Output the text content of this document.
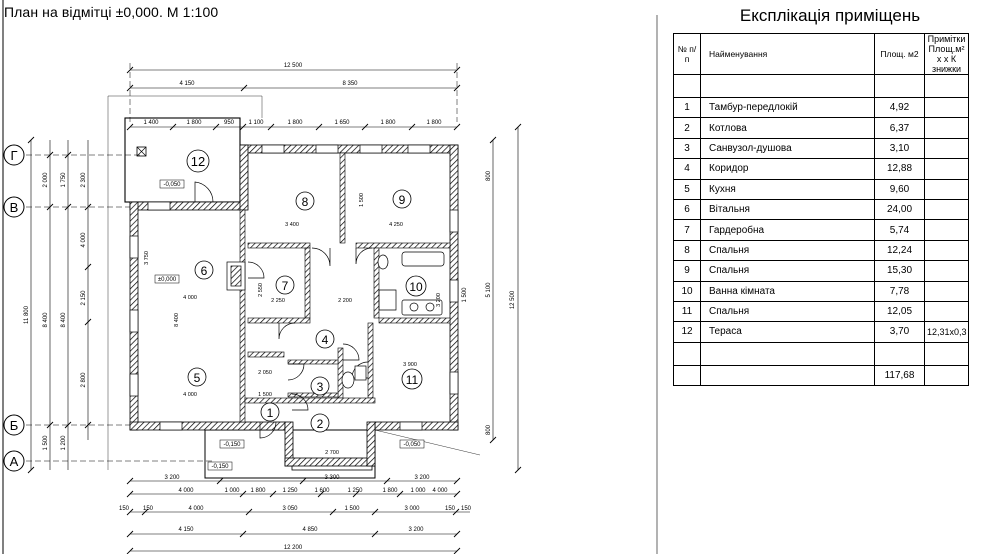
План на відмітці ±0,000. М 1:100	Експлікація приміщень
Г
В
Б
А
1
2
3
4
5
6
7
8	9
10
11
12
±0,000
-0,050
-0,050
-0,150
-0,150
12 500
4 150	8 350
1 400	1 800	950 1 100	1 800	1 650	1 800	1 800
3 200	3 300	3 200
4 000	1 000 1 800	1 250	1 600	1 250	1 800 1 000 4 000
150 150	4 000	3 050	1 500	3 000	150 150
4 150	4 850	3 200
12 200
12 500
800
5 100
1 500
800
11 800
2 000
8 400
1 500
1 750
8 400
1 200
2 300
4 000
2 150
2 800
3 400	4 250
3 750
4 000
4 000
2 250	2 200
2 050
1 500
3 900
2 700
8 400
2 550
3 200
1 500
№ п/п	Найменування	Площ. м2	Примітки Площ.м² х х К знижки

1	Тамбур-передлокій	4,92	
2	Котлова	6,37	
3	Санвузол-душова	3,10	
4	Коридор	12,88	
5	Кухня	9,60	
6	Вітальня	24,00	
7	Гардеробна	5,74	
8	Спальня	12,24	
9	Спальня	15,30	
10	Ванна кімната	7,78	
11	Спальня	12,05	
12	Тераса	3,70	12,31x0,3

		117,68	
